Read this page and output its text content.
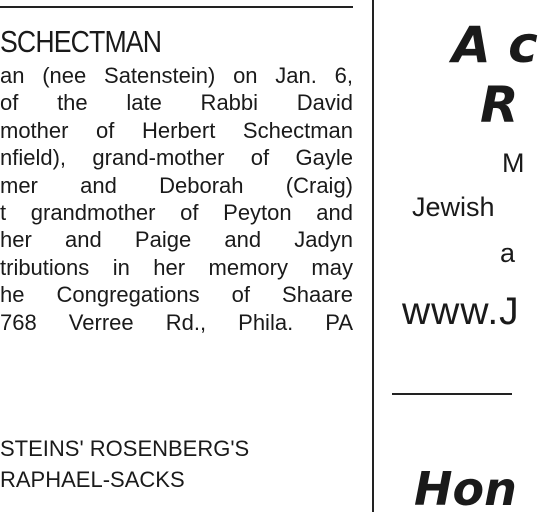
SCHECTMAN
an (nee Satenstein) on Jan. 6,
of the late Rabbi David
mother of Herbert Schectman
nfield), grand-mother of Gayle
mer and Deborah (Craig)
t grandmother of Peyton and
her and Paige and Jadyn
tributions in her memory may
he Congregations of Shaare
768 Verree Rd., Phila. PA
STEINS' ROSENBERG'S
RAPHAEL-SACKS
A c
R
M
Jewish
a
www.J
Hon
